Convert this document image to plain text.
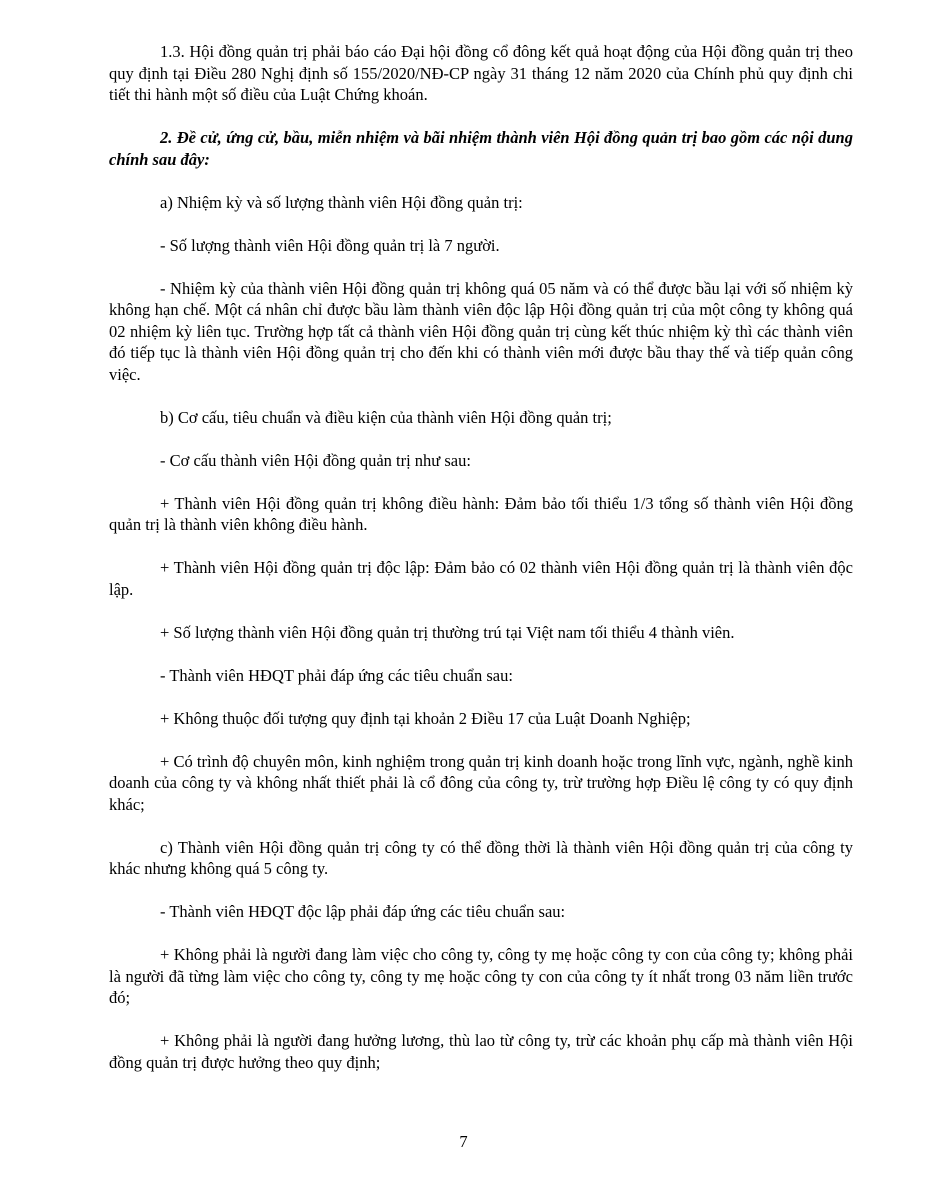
1.3. Hội đồng quản trị phải báo cáo Đại hội đồng cổ đông kết quả hoạt động của Hội đồng quản trị theo quy định tại Điều 280 Nghị định số 155/2020/NĐ-CP ngày 31 tháng 12 năm 2020 của Chính phủ quy định chi tiết thi hành một số điều của Luật Chứng khoán.

2. Đề cử, ứng cử, bầu, miễn nhiệm và bãi nhiệm thành viên Hội đồng quản trị bao gồm các nội dung chính sau đây:

a) Nhiệm kỳ và số lượng thành viên Hội đồng quản trị:

- Số lượng thành viên Hội đồng quản trị là 7 người.

- Nhiệm kỳ của thành viên Hội đồng quản trị không quá 05 năm và có thể được bầu lại với số nhiệm kỳ không hạn chế. Một cá nhân chỉ được bầu làm thành viên độc lập Hội đồng quản trị của một công ty không quá 02 nhiệm kỳ liên tục. Trường hợp tất cả thành viên Hội đồng quản trị cùng kết thúc nhiệm kỳ thì các thành viên đó tiếp tục là thành viên Hội đồng quản trị cho đến khi có thành viên mới được bầu thay thế và tiếp quản công việc.

b) Cơ cấu, tiêu chuẩn và điều kiện của thành viên Hội đồng quản trị;

- Cơ cấu thành viên Hội đồng quản trị như sau:

+ Thành viên Hội đồng quản trị không điều hành: Đảm bảo tối thiểu 1/3 tổng số thành viên Hội đồng quản trị là thành viên không điều hành.

+ Thành viên Hội đồng quản trị độc lập: Đảm bảo có 02 thành viên Hội đồng quản trị là thành viên độc lập.

+ Số lượng thành viên Hội đồng quản trị thường trú tại Việt nam tối thiểu 4 thành viên.

- Thành viên HĐQT phải đáp ứng các tiêu chuẩn sau:

+ Không thuộc đối tượng quy định tại khoản 2 Điều 17 của Luật Doanh Nghiệp;

+ Có trình độ chuyên môn, kinh nghiệm trong quản trị kinh doanh hoặc trong lĩnh vực, ngành, nghề kinh doanh của công ty và không nhất thiết phải là cổ đông của công ty, trừ trường hợp Điều lệ công ty có quy định khác;

c) Thành viên Hội đồng quản trị công ty có thể đồng thời là thành viên Hội đồng quản trị của công ty khác nhưng không quá 5 công ty.

- Thành viên HĐQT độc lập phải đáp ứng các tiêu chuẩn sau:

+ Không phải là người đang làm việc cho công ty, công ty mẹ hoặc công ty con của công ty; không phải là người đã từng làm việc cho công ty, công ty mẹ hoặc công ty con của công ty ít nhất trong 03 năm liền trước đó;

+ Không phải là người đang hưởng lương, thù lao từ công ty, trừ các khoản phụ cấp mà thành viên Hội đồng quản trị được hưởng theo quy định;

7
